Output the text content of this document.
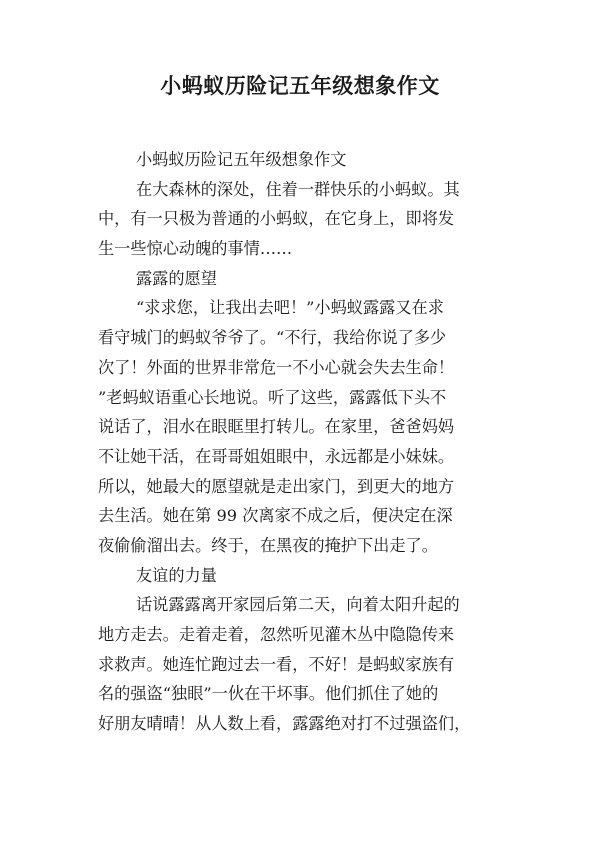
小蚂蚁历险记五年级想象作文
小蚂蚁历险记五年级想象作文
在大森林的深处，住着一群快乐的小蚂蚁。其
中，有一只极为普通的小蚂蚁，在它身上，即将发
生一些惊心动魄的事情……
露露的愿望
“求求您，让我出去吧！”小蚂蚁露露又在求
看守城门的蚂蚁爷爷了。“不行，我给你说了多少
次了！外面的世界非常危一不小心就会失去生命！
”老蚂蚁语重心长地说。听了这些，露露低下头不
说话了，泪水在眼眶里打转儿。在家里，爸爸妈妈
不让她干活，在哥哥姐姐眼中，永远都是小妹妹。
所以，她最大的愿望就是走出家门，到更大的地方
去生活。她在第 99 次离家不成之后，便决定在深
夜偷偷溜出去。终于，在黑夜的掩护下出走了。
友谊的力量
话说露露离开家园后第二天，向着太阳升起的
地方走去。走着走着，忽然听见灌木丛中隐隐传来
求救声。她连忙跑过去一看，不好！是蚂蚁家族有
名的强盗“独眼”一伙在干坏事。他们抓住了她的
好朋友晴晴！从人数上看，露露绝对打不过强盗们，
